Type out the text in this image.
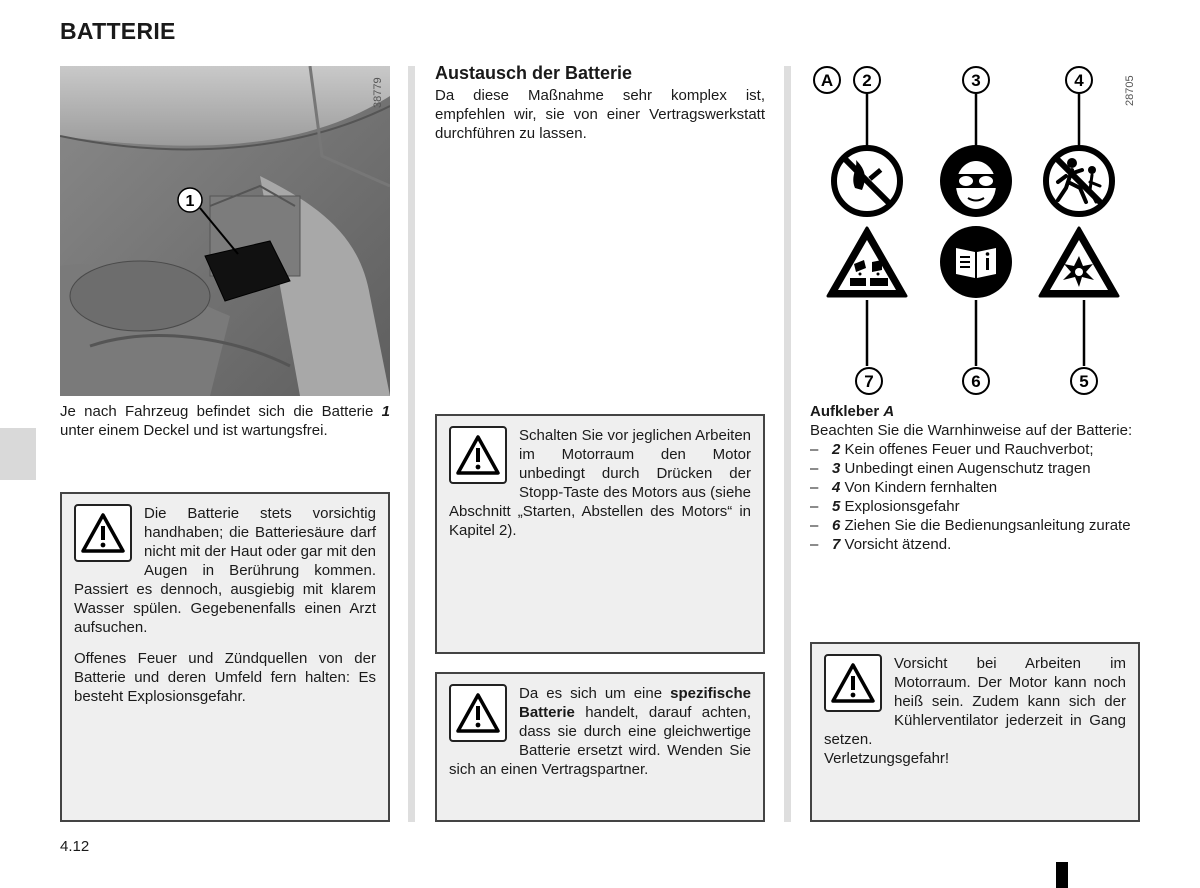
BATTERIE
1
38779
Je nach Fahrzeug befindet sich die Batterie 1 unter einem Deckel und ist wartungsfrei.

Die Batterie stets vorsichtig handhaben; die Batteriesäure darf nicht mit der Haut oder gar mit den Augen in Berührung kommen. Passiert es dennoch, ausgiebig mit klarem Wasser spülen. Gegebenenfalls einen Arzt aufsuchen.

Offenes Feuer und Zündquellen von der Batterie und deren Umfeld fern halten: Es besteht Explosionsgefahr.

Austausch der Batterie
Da diese Maßnahme sehr komplex ist, empfehlen wir, sie von einer Vertragswerkstatt durchführen zu lassen.

Schalten Sie vor jeglichen Arbeiten im Motorraum den Motor unbedingt durch Drücken der Stopp-Taste des Motors aus (siehe Abschnitt „Starten, Abstellen des Motors“ in Kapitel 2).

Da es sich um eine spezifische Batterie handelt, darauf achten, dass sie durch eine gleichwertige Batterie ersetzt wird. Wenden Sie sich an einen Vertragspartner.

A 2	3	4
7	6	5
28705
Aufkleber A
Beachten Sie die Warnhinweise auf der Batterie:
– 2 Kein offenes Feuer und Rauchverbot;
– 3 Unbedingt einen Augenschutz tragen
– 4 Von Kindern fernhalten
– 5 Explosionsgefahr
– 6 Ziehen Sie die Bedienungsanleitung zurate
– 7 Vorsicht ätzend.

Vorsicht bei Arbeiten im Motorraum. Der Motor kann noch heiß sein. Zudem kann sich der Kühlerventilator jederzeit in Gang setzen.

Verletzungsgefahr!

4.12
